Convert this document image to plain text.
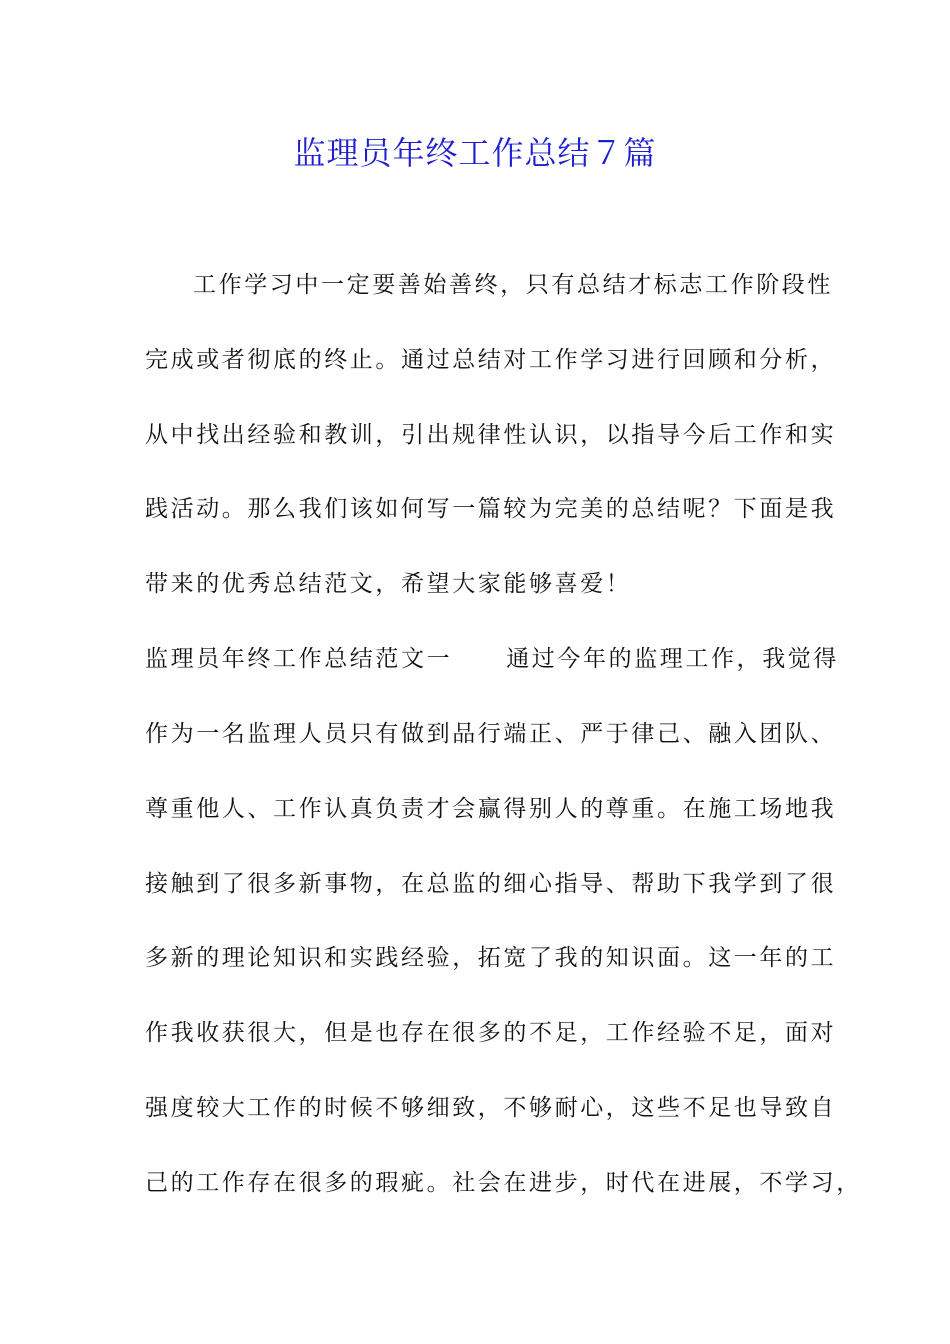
监理员年终工作总结７篇
工作学习中一定要善始善终，只有总结才标志工作阶段性
完成或者彻底的终止。通过总结对工作学习进行回顾和分析，
从中找出经验和教训，引出规律性认识，以指导今后工作和实
践活动。那么我们该如何写一篇较为完美的总结呢？下面是我
带来的优秀总结范文，希望大家能够喜爱！
监理员年终工作总结范文一 通过今年的监理工作，我觉得
作为一名监理人员只有做到品行端正、严于律己、融入团队、
尊重他人、工作认真负责才会赢得别人的尊重。在施工场地我
接触到了很多新事物，在总监的细心指导、帮助下我学到了很
多新的理论知识和实践经验，拓宽了我的知识面。这一年的工
作我收获很大，但是也存在很多的不足，工作经验不足，面对
强度较大工作的时候不够细致，不够耐心，这些不足也导致自
己的工作存在很多的瑕疵。社会在进步，时代在进展，不学习，
